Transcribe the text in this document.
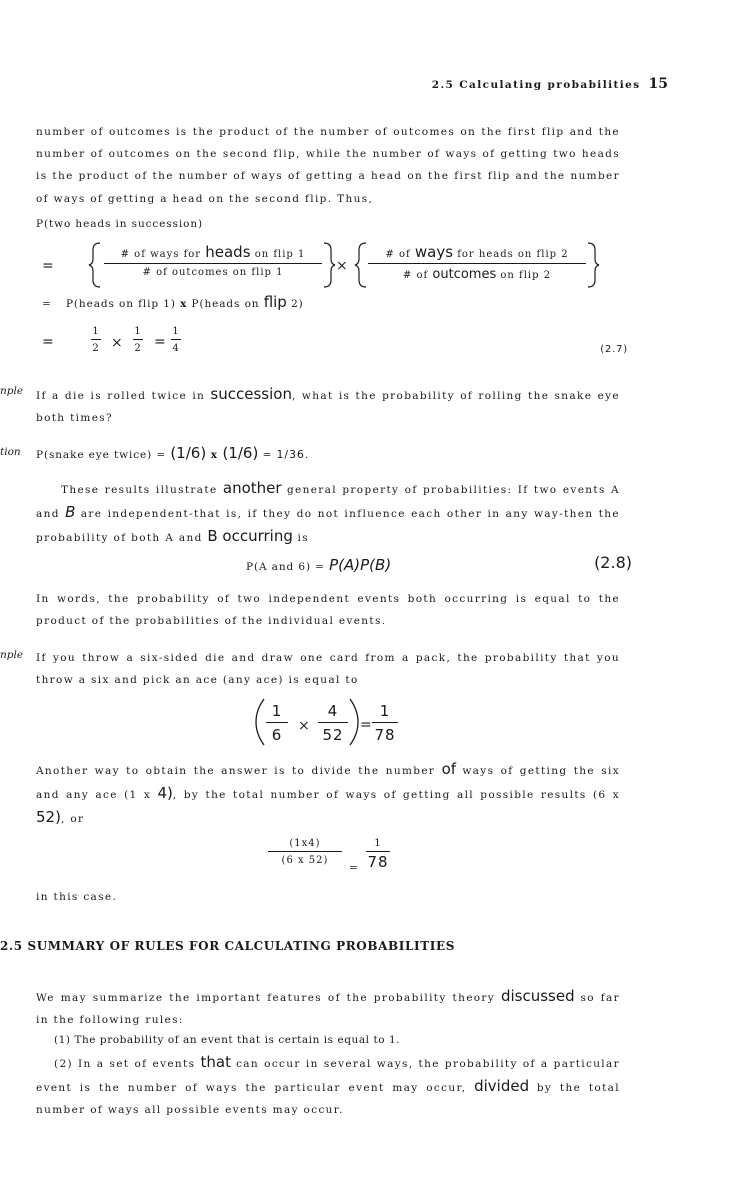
2.5 Calculating probabilities 15

number of outcomes is the product of the number of outcomes on the first flip and the number of outcomes on the second flip, while the number of ways of getting two heads is the product of the number of ways of getting a head on the first flip and the number of ways of getting a head on the second flip. Thus,

P(two heads in succession)
=
# of ways for heads on flip 1
# of outcomes on flip 1	×
# of ways for heads on flip 2
# of outcomes on flip 2
= P(heads on flip 1) x P(heads on flip 2)
=
1
2 ×
1
2 =
1
4	(2.7)
nple If a die is rolled twice in succession, what is the probability of rolling the snake eye both times?

tion P(snake eye twice) = (1/6) x (1/6) = 1/36.

These results illustrate another general property of probabilities: If two events A and B are independent-that is, if they do not influence each other in any way-then the probability of both A and B occurring is

P(A and 6) = P(A)P(B)	(2.8)

In words, the probability of two independent events both occurring is equal to the product of the probabilities of the individual events.

nple If you throw a six-sided die and draw one card from a pack, the probability that you throw a six and pick an ace (any ace) is equal to

1
6	×
4
52
=
1
78

Another way to obtain the answer is to divide the number of ways of getting the six and any ace (1 x 4), by the total number of ways of getting all possible results (6 x 52), or

(1x4)
(6 x 52)
=
1
78

in this case.

2.5 SUMMARY OF RULES FOR CALCULATING PROBABILITIES

We may summarize the important features of the probability theory discussed so far in the following rules:

(1) The probability of an event that is certain is equal to 1.

(2) In a set of events that can occur in several ways, the probability of a particular event is the number of ways the particular event may occur, divided by the total number of ways all possible events may occur.
